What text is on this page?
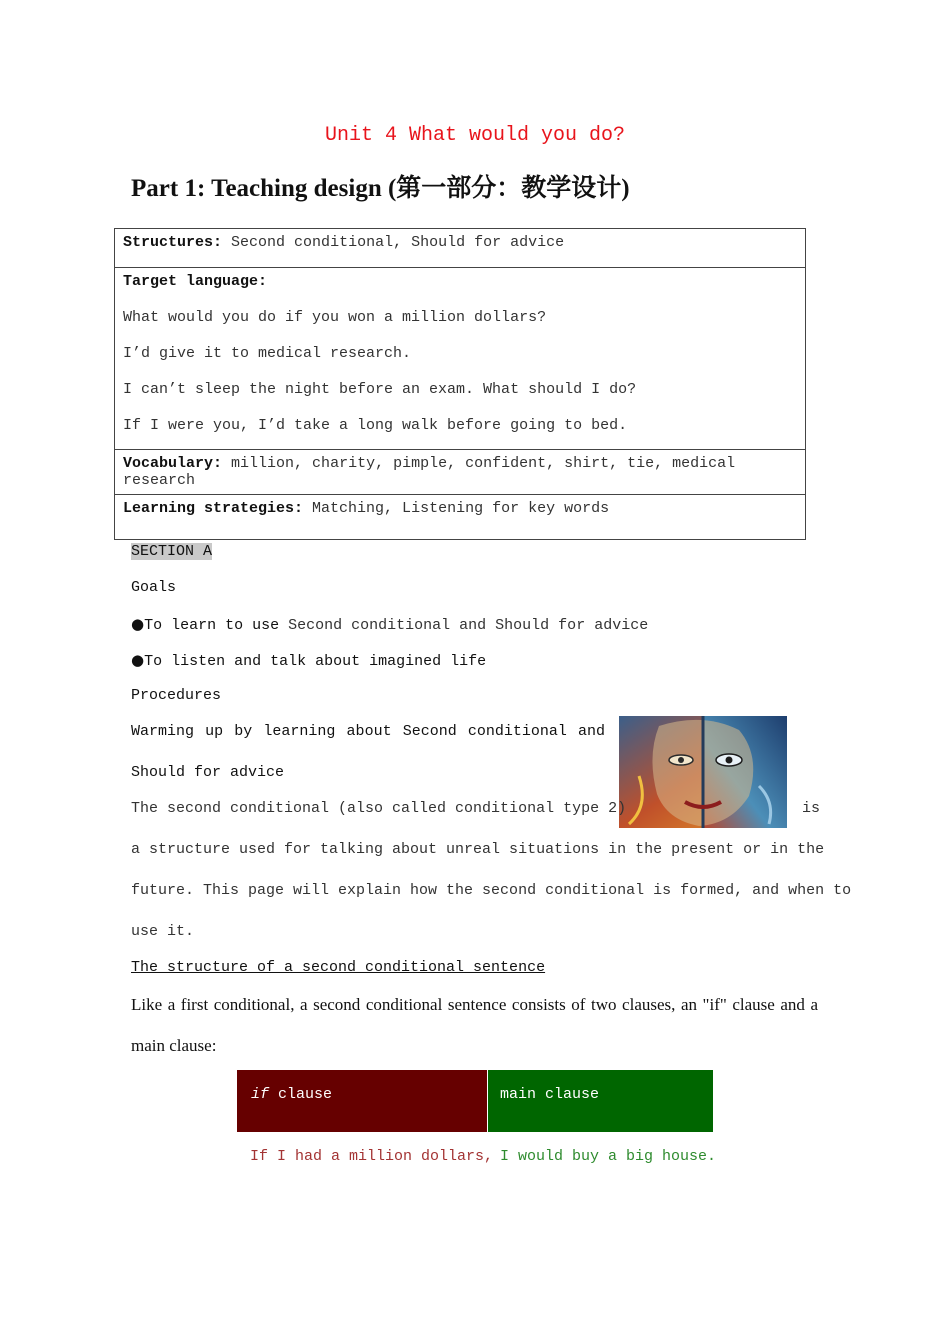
Unit 4 What would you do?
Part 1: Teaching design (第一部分：教学设计)
Structures: Second conditional, Should for advice
Target language:
What would you do if you won a million dollars?
I’d give it to medical research.
I can’t sleep the night before an exam. What should I do?
If I were you, I’d take a long walk before going to bed.
Vocabulary: million, charity, pimple, confident, shirt, tie, medical research
Learning strategies: Matching, Listening for key words
SECTION A
Goals
●To learn to use Second conditional and Should for advice
●To listen and talk about imagined life
Procedures
Warming up by learning about Second conditional and
Should for advice
The second conditional (also called conditional type 2)	is
a structure used for talking about unreal situations in the present or in the
future. This page will explain how the second conditional is formed, and when to
use it.
The structure of a second conditional sentence
Like a first conditional, a second conditional sentence consists of two clauses, an "if" clause and a
main clause:
if clause	main clause
If I had a million dollars, I would buy a big house.
